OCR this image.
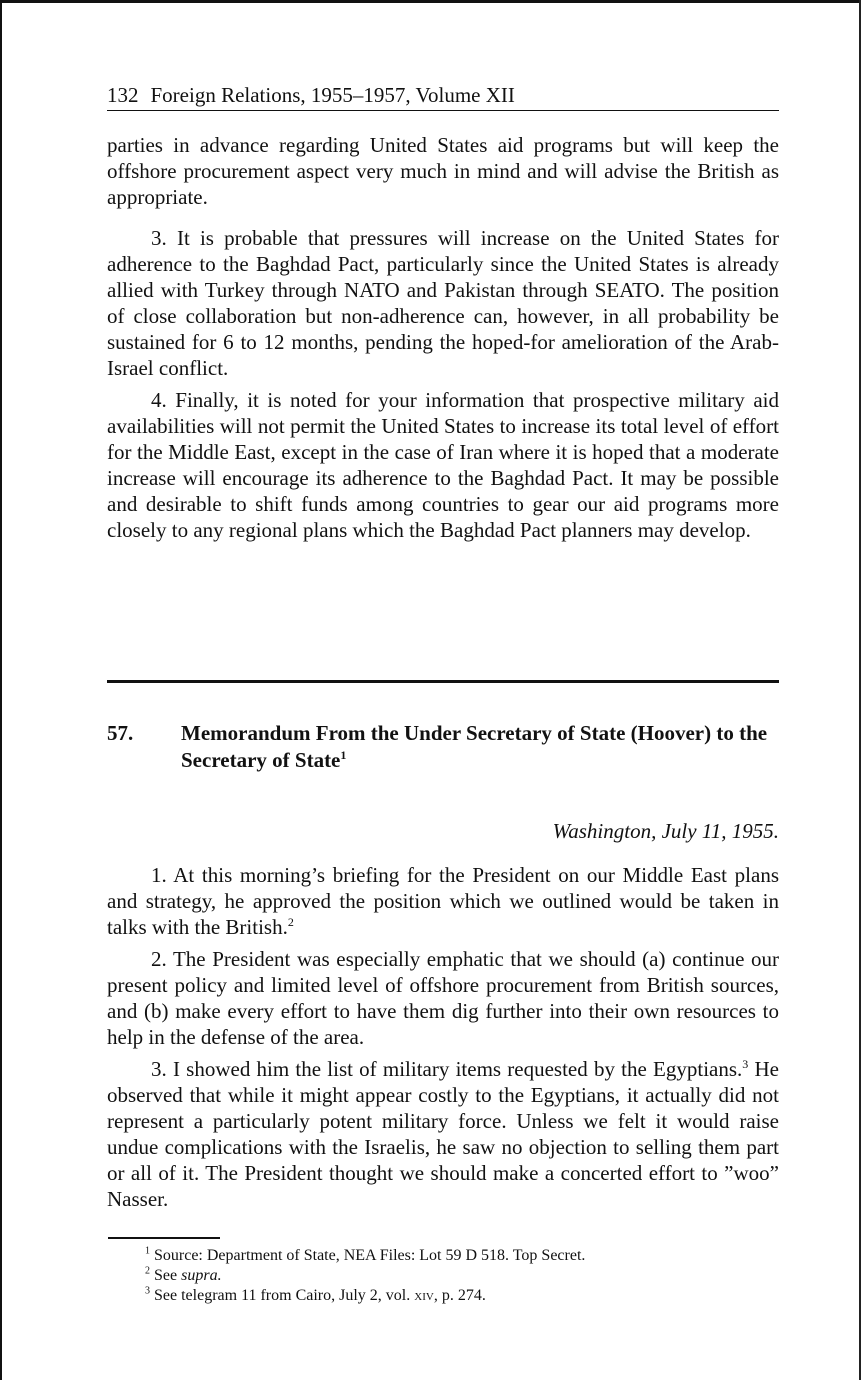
132 Foreign Relations, 1955–1957, Volume XII

parties in advance regarding United States aid programs but will keep the offshore procurement aspect very much in mind and will advise the British as appropriate.

3. It is probable that pressures will increase on the United States for adherence to the Baghdad Pact, particularly since the United States is already allied with Turkey through NATO and Pakistan through SEATO. The position of close collaboration but non-adherence can, however, in all probability be sustained for 6 to 12 months, pending the hoped-for amelioration of the Arab-Israel conflict.

4. Finally, it is noted for your information that prospective military aid availabilities will not permit the United States to increase its total level of effort for the Middle East, except in the case of Iran where it is hoped that a moderate increase will encourage its adherence to the Baghdad Pact. It may be possible and desirable to shift funds among countries to gear our aid programs more closely to any regional plans which the Baghdad Pact planners may develop.

57. Memorandum From the Under Secretary of State (Hoover) to the Secretary of State$^1$
Washington, July 11, 1955.

1. At this morning’s briefing for the President on our Middle East plans and strategy, he approved the position which we outlined would be taken in talks with the British.$^2$

2. The President was especially emphatic that we should (a) continue our present policy and limited level of offshore procurement from British sources, and (b) make every effort to have them dig further into their own resources to help in the defense of the area.

3. I showed him the list of military items requested by the Egyptians.$^3$ He observed that while it might appear costly to the Egyptians, it actually did not represent a particularly potent military force. Unless we felt it would raise undue complications with the Israelis, he saw no objection to selling them part or all of it. The President thought we should make a concerted effort to ”woo” Nasser.

$^1$ Source: Department of State, NEA Files: Lot 59 D 518. Top Secret.
$^2$ See supra.
$^3$ See telegram 11 from Cairo, July 2, vol. xiv, p. 274.
